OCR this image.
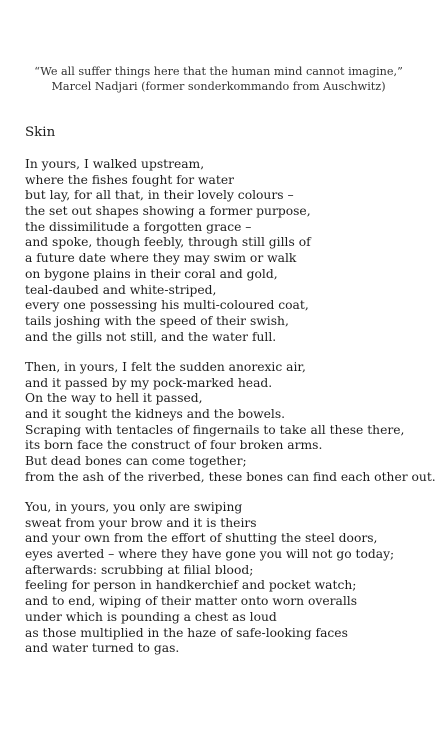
“We all suffer things here that the human mind cannot imagine,”
Marcel Nadjari (former sonderkommando from Auschwitz)
Skin
In yours, I walked upstream,
where the fishes fought for water
but lay, for all that, in their lovely colours –
the set out shapes showing a former purpose,
the dissimilitude a forgotten grace –
and spoke, though feebly, through still gills of
a future date where they may swim or walk
on bygone plains in their coral and gold,
teal-daubed and white-striped,
every one possessing his multi-coloured coat,
tails joshing with the speed of their swish,
and the gills not still, and the water full.
Then, in yours, I felt the sudden anorexic air,
and it passed by my pock-marked head.
On the way to hell it passed,
and it sought the kidneys and the bowels.
Scraping with tentacles of fingernails to take all these there,
its born face the construct of four broken arms.
But dead bones can come together;
from the ash of the riverbed, these bones can find each other out.
You, in yours, you only are swiping
sweat from your brow and it is theirs
and your own from the effort of shutting the steel doors,
eyes averted – where they have gone you will not go today;
afterwards: scrubbing at filial blood;
feeling for person in handkerchief and pocket watch;
and to end, wiping of their matter onto worn overalls
under which is pounding a chest as loud
as those multiplied in the haze of safe-looking faces
and water turned to gas.
